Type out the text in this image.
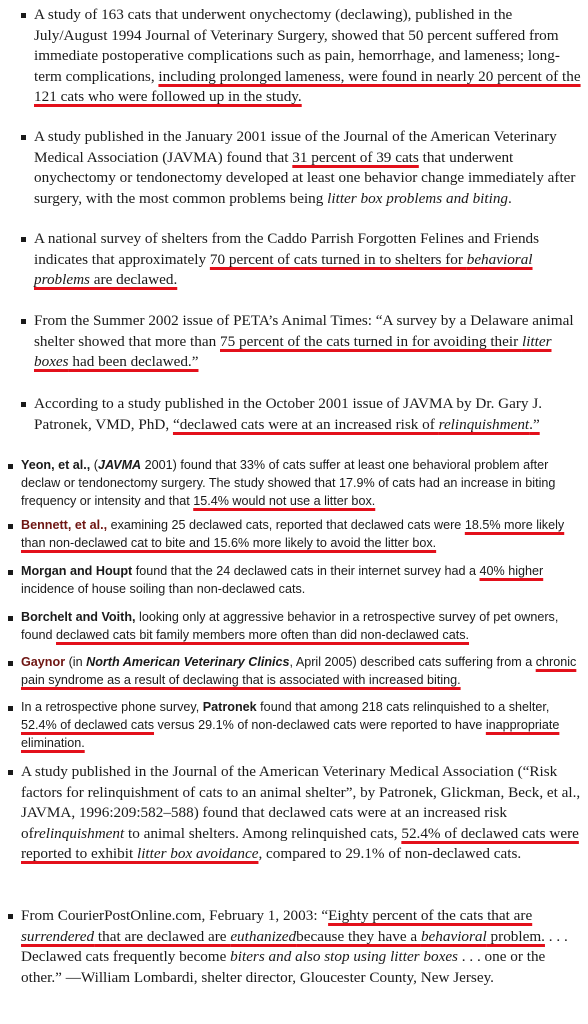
A study of 163 cats that underwent onychectomy (declawing), published in the July/August 1994 Journal of Veterinary Surgery, showed that 50 percent suffered from immediate postoperative complications such as pain, hemorrhage, and lameness; long-term complications, including prolonged lameness, were found in nearly 20 percent of the 121 cats who were followed up in the study.
A study published in the January 2001 issue of the Journal of the American Veterinary Medical Association (JAVMA) found that 31 percent of 39 cats that underwent onychectomy or tendonectomy developed at least one behavior change immediately after surgery, with the most common problems being litter box problems and biting.
A national survey of shelters from the Caddo Parrish Forgotten Felines and Friends indicates that approximately 70 percent of cats turned in to shelters for behavioral problems are declawed.
From the Summer 2002 issue of PETA’s Animal Times: “A survey by a Delaware animal shelter showed that more than 75 percent of the cats turned in for avoiding their litter boxes had been declawed.”
According to a study published in the October 2001 issue of JAVMA by Dr. Gary J. Patronek, VMD, PhD, “declawed cats were at an increased risk of relinquishment.”
Yeon, et al., (JAVMA 2001) found that 33% of cats suffer at least one behavioral problem after declaw or tendonectomy surgery. The study showed that 17.9% of cats had an increase in biting frequency or intensity and that 15.4% would not use a litter box.
Bennett, et al., examining 25 declawed cats, reported that declawed cats were 18.5% more likely than non-declawed cat to bite and 15.6% more likely to avoid the litter box.
Morgan and Houpt found that the 24 declawed cats in their internet survey had a 40% higher incidence of house soiling than non-declawed cats.
Borchelt and Voith, looking only at aggressive behavior in a retrospective survey of pet owners, found declawed cats bit family members more often than did non-declawed cats.
Gaynor (in North American Veterinary Clinics, April 2005) described cats suffering from a chronic pain syndrome as a result of declawing that is associated with increased biting.
In a retrospective phone survey, Patronek found that among 218 cats relinquished to a shelter, 52.4% of declawed cats versus 29.1% of non-declawed cats were reported to have inappropriate elimination.
A study published in the Journal of the American Veterinary Medical Association (“Risk factors for relinquishment of cats to an animal shelter”, by Patronek, Glickman, Beck, et al., JAVMA, 1996:209:582–588) found that declawed cats were at an increased risk ofrelinquishment to animal shelters. Among relinquished cats, 52.4% of declawed cats were reported to exhibit litter box avoidance, compared to 29.1% of non-declawed cats.
From CourierPostOnline.com, February 1, 2003: “Eighty percent of the cats that are surrendered that are declawed are euthanizedbecause they have a behavioral problem. . . . Declawed cats frequently become biters and also stop using litter boxes . . . one or the other.” —William Lombardi, shelter director, Gloucester County, New Jersey.
